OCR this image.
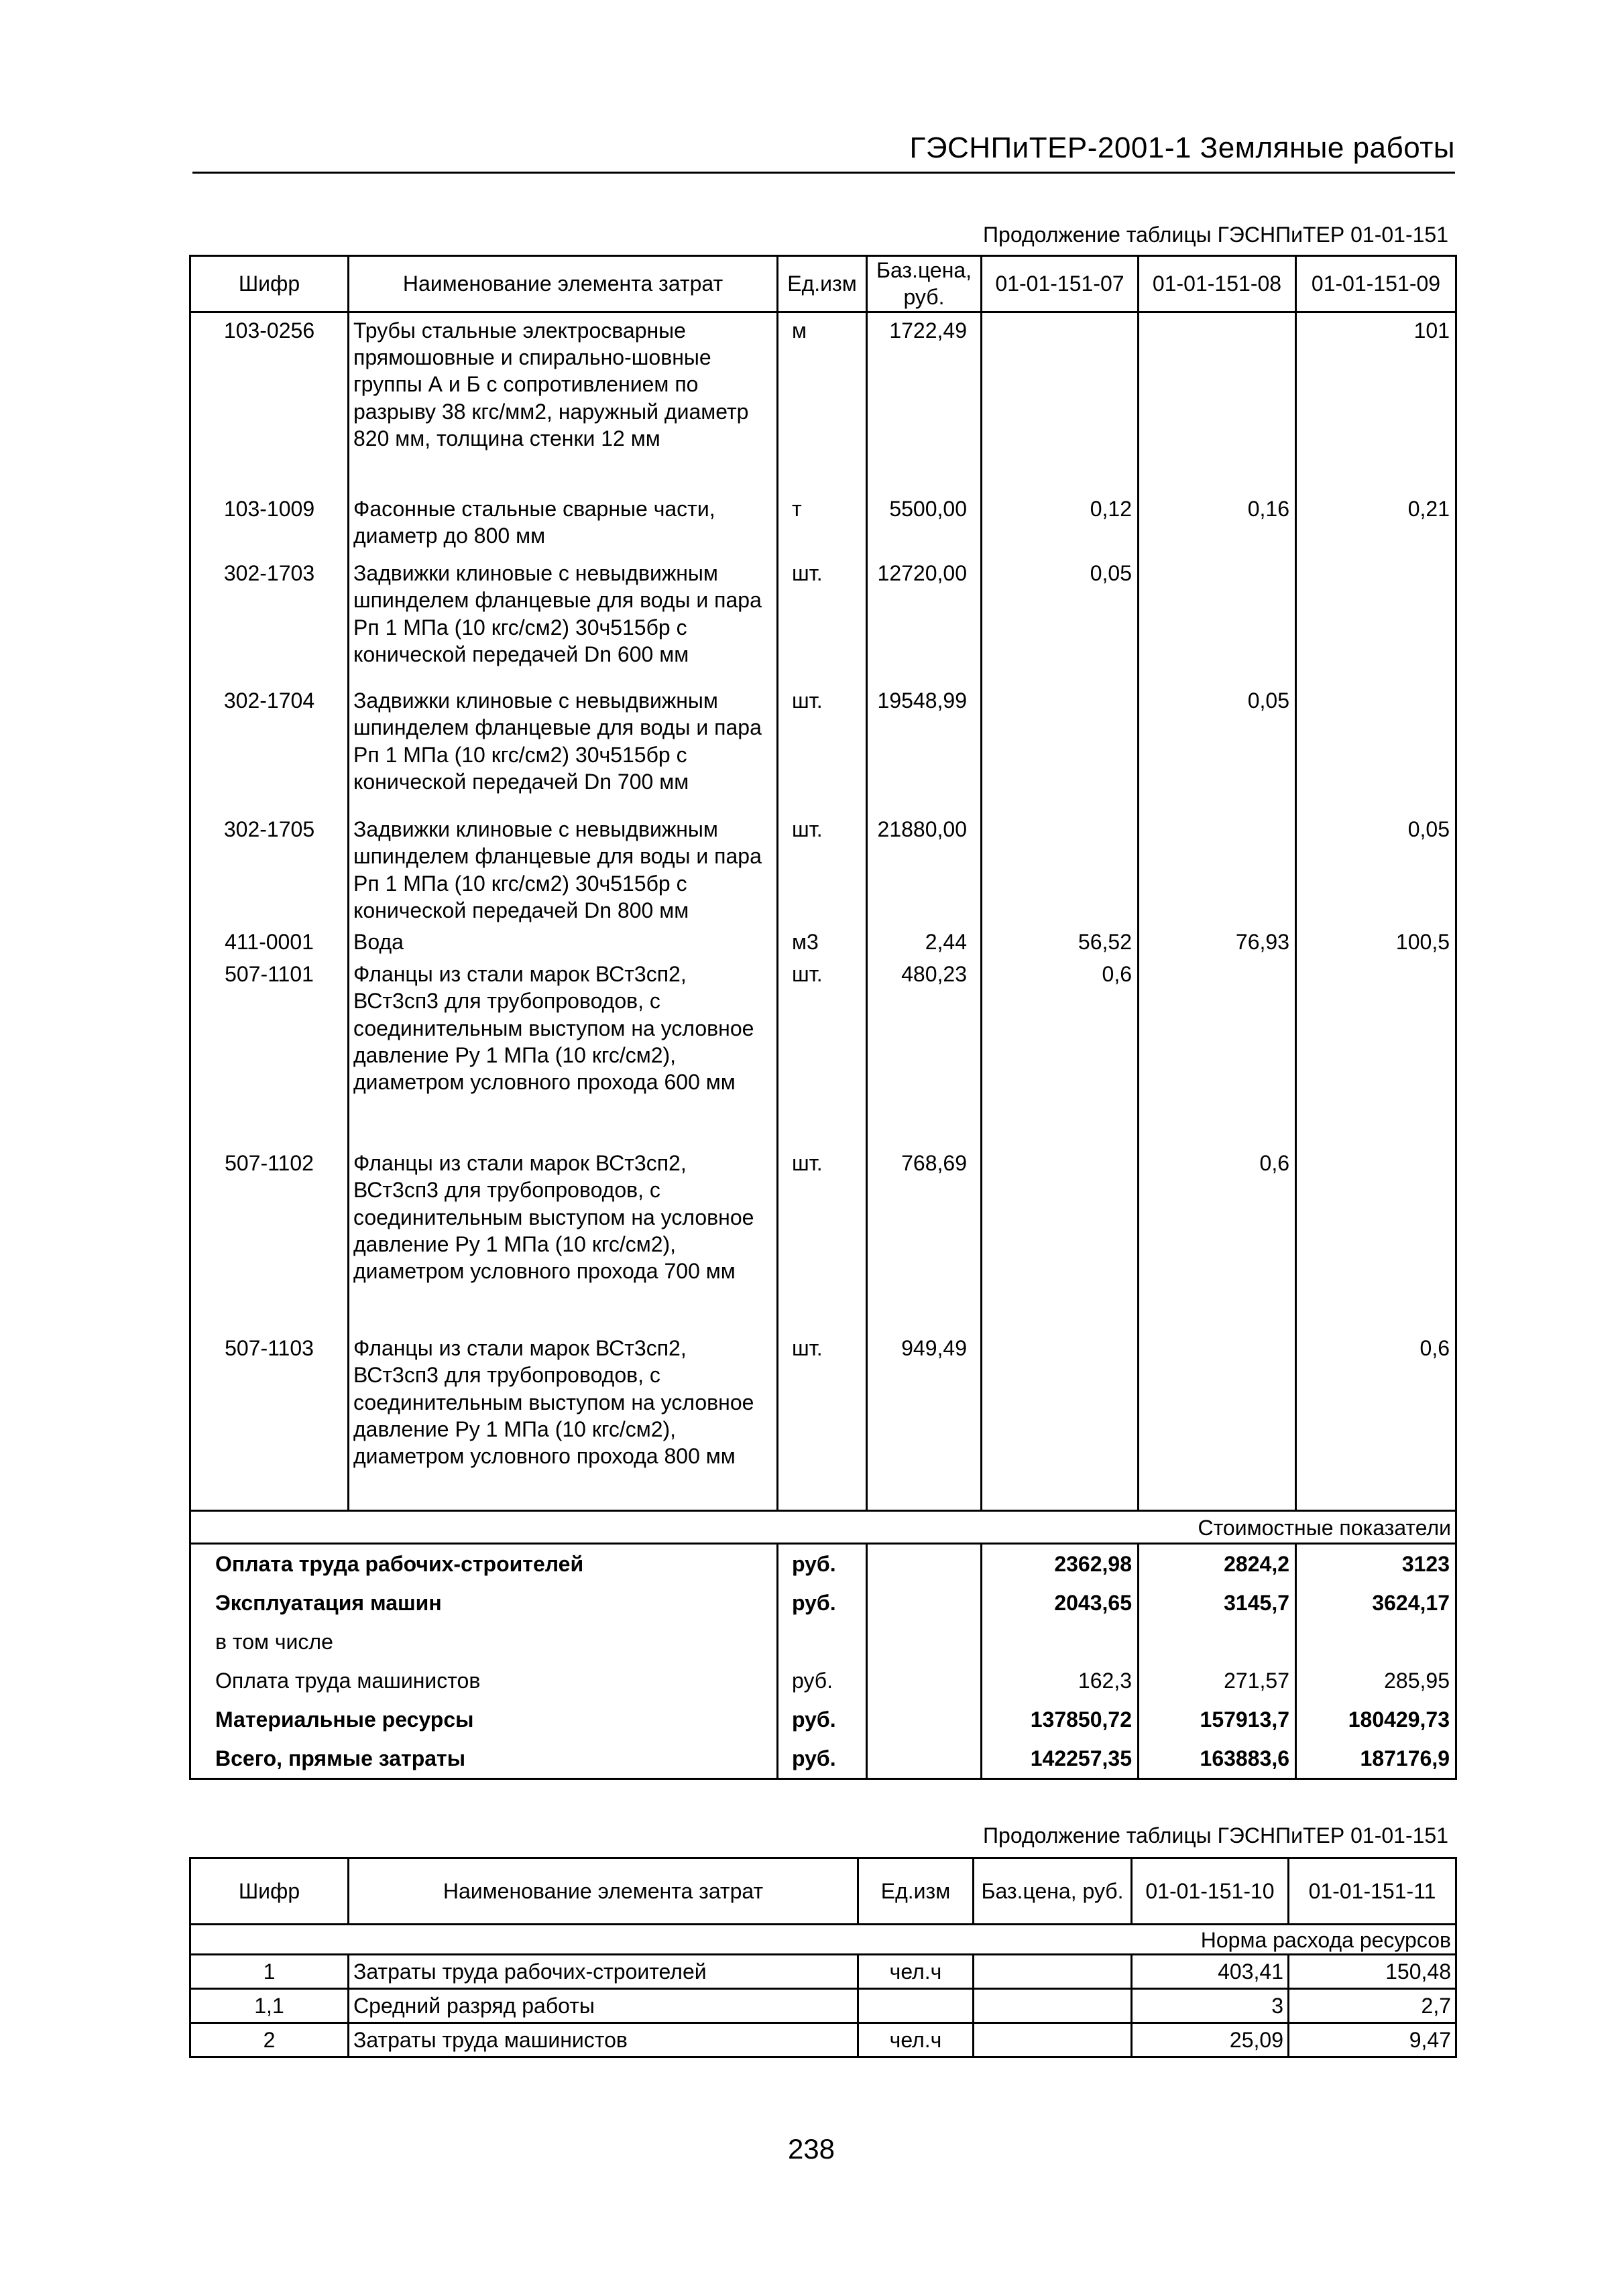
ГЭСНПиТЕР-2001-1 Земляные работы
Продолжение таблицы ГЭСНПиТЕР 01-01-151
Шифр	Наименование элемента затрат	Ед.изм	Баз.цена, руб.	01-01-151-07	01-01-151-08	01-01-151-09
103-0256	Трубы стальные электросварные прямошовные и спирально-шовные группы А и Б с сопротивлением по разрыву 38 кгс/мм2, наружный диаметр 820 мм, толщина стенки 12 мм	м	1722,49			101
103-1009	Фасонные стальные сварные части, диаметр до 800 мм	т	5500,00	0,12	0,16	0,21
302-1703	Задвижки клиновые с невыдвижным шпинделем фланцевые для воды и пара Рп 1 МПа (10 кгс/см2) 30ч515бр с конической передачей Dn 600 мм	шт.	12720,00	0,05		
302-1704	Задвижки клиновые с невыдвижным шпинделем фланцевые для воды и пара Рп 1 МПа (10 кгс/см2) 30ч515бр с конической передачей Dn 700 мм	шт.	19548,99		0,05	
302-1705	Задвижки клиновые с невыдвижным шпинделем фланцевые для воды и пара Рп 1 МПа (10 кгс/см2) 30ч515бр с конической передачей Dn 800 мм	шт.	21880,00			0,05
411-0001	Вода	м3	2,44	56,52	76,93	100,5
507-1101	Фланцы из стали марок ВСт3сп2, ВСт3сп3 для трубопроводов, с соединительным выступом на условное давление Ру 1 МПа (10 кгс/см2), диаметром условного прохода 600 мм	шт.	480,23	0,6		
507-1102	Фланцы из стали марок ВСт3сп2, ВСт3сп3 для трубопроводов, с соединительным выступом на условное давление Ру 1 МПа (10 кгс/см2), диаметром условного прохода 700 мм	шт.	768,69		0,6	
507-1103	Фланцы из стали марок ВСт3сп2, ВСт3сп3 для трубопроводов, с соединительным выступом на условное давление Ру 1 МПа (10 кгс/см2), диаметром условного прохода 800 мм	шт.	949,49			0,6
Стоимостные показатели						
Оплата труда рабочих-строителей		руб.		2362,98	2824,2	3123
Эксплуатация машин		руб.		2043,65	3145,7	3624,17
в том числе						
Оплата труда машинистов		руб.		162,3	271,57	285,95
Материальные ресурсы		руб.		137850,72	157913,7	180429,73
Всего, прямые затраты		руб.		142257,35	163883,6	187176,9
Продолжение таблицы ГЭСНПиТЕР 01-01-151
Шифр	Наименование элемента затрат	Ед.изм	Баз.цена, руб.	01-01-151-10	01-01-151-11
Норма расхода ресурсов					
1	Затраты труда рабочих-строителей	чел.ч		403,41	150,48
1,1	Средний разряд работы			3	2,7
2	Затраты труда машинистов	чел.ч		25,09	9,47
238
